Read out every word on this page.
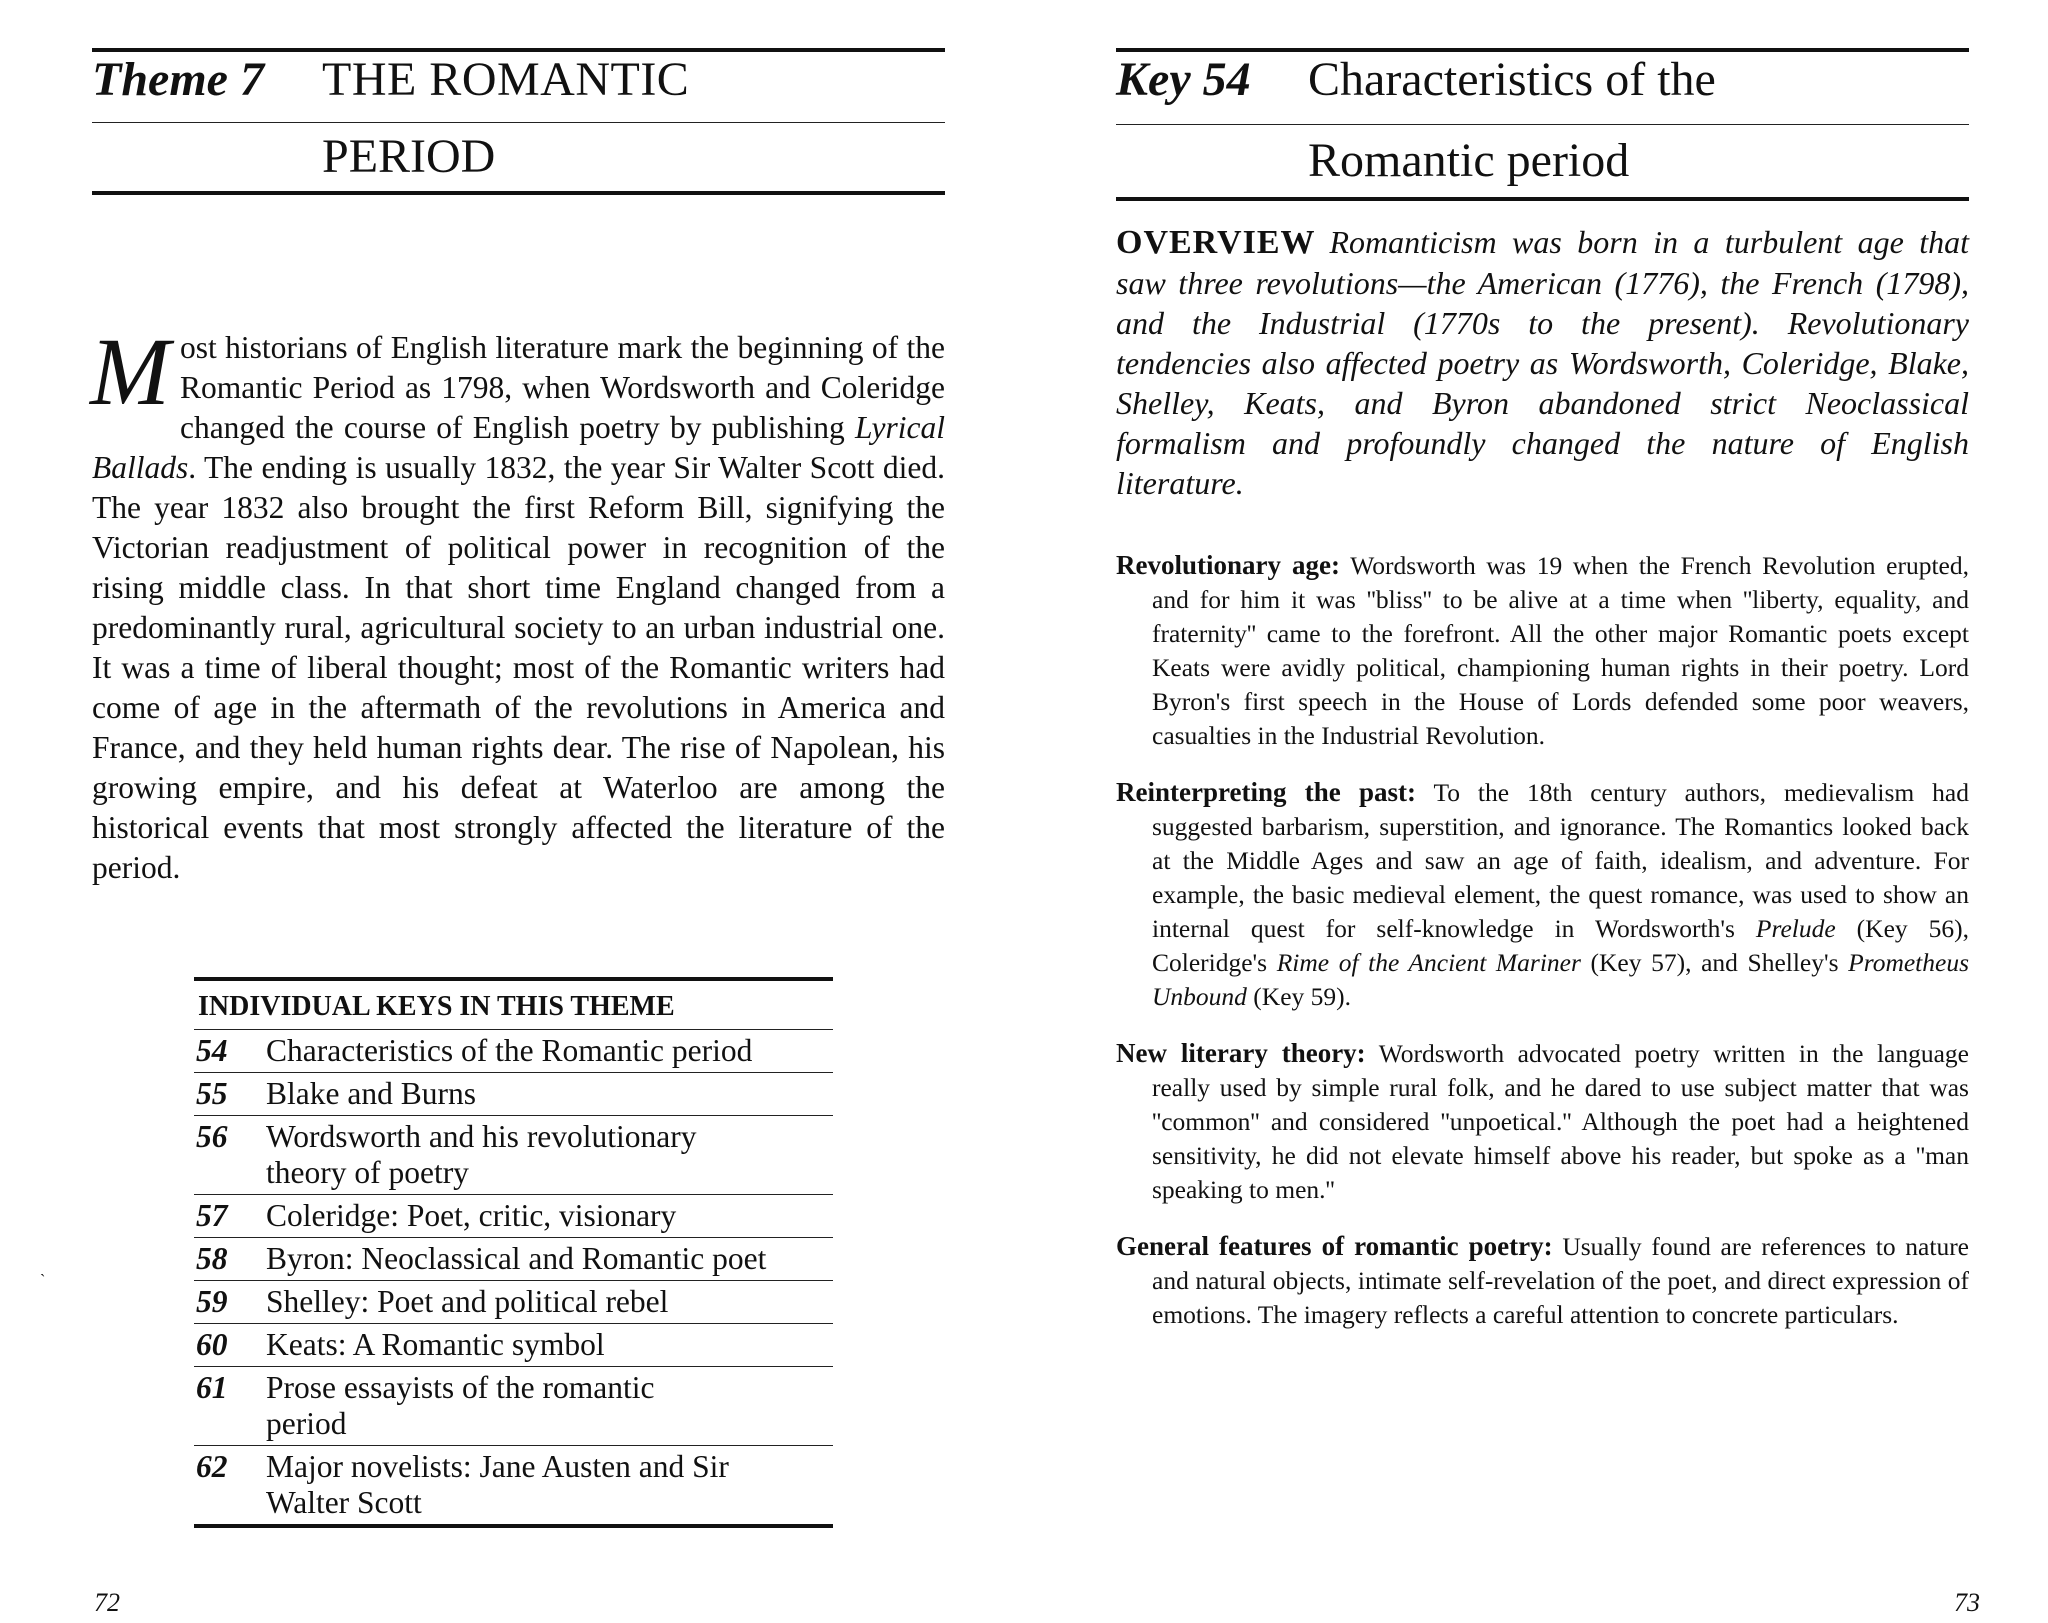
Theme 7	THE ROMANTIC
PERIOD
Most historians of English literature mark the beginning of the Romantic Period as 1798, when Wordsworth and Coleridge changed the course of English poetry by publishing Lyrical Ballads. The ending is usually 1832, the year Sir Walter Scott died. The year 1832 also brought the first Reform Bill, signifying the Victorian readjustment of political power in recognition of the rising middle class. In that short time England changed from a predominantly rural, agricultural society to an urban industrial one. It was a time of liberal thought; most of the Romantic writers had come of age in the aftermath of the revolutions in America and France, and they held human rights dear. The rise of Napolean, his growing empire, and his defeat at Waterloo are among the historical events that most strongly affected the literature of the period.
INDIVIDUAL KEYS IN THIS THEME
54	Characteristics of the Romantic period
55	Blake and Burns
56	Wordsworth and his revolutionary theory of poetry
57	Coleridge: Poet, critic, visionary
58	Byron: Neoclassical and Romantic poet
59	Shelley: Poet and political rebel
60	Keats: A Romantic symbol
61	Prose essayists of the romantic period
62	Major novelists: Jane Austen and Sir Walter Scott
`
72
Key 54	Characteristics of the
Romantic period
OVERVIEW Romanticism was born in a turbulent age that saw three revolutions—the American (1776), the French (1798), and the Industrial (1770s to the present). Revolutionary tendencies also affected poetry as Wordsworth, Coleridge, Blake, Shelley, Keats, and Byron abandoned strict Neoclassical formalism and profoundly changed the nature of English literature.
Revolutionary age: Wordsworth was 19 when the French Revolution erupted, and for him it was ''bliss'' to be alive at a time when ''liberty, equality, and fraternity'' came to the forefront. All the other major Romantic poets except Keats were avidly political, championing human rights in their poetry. Lord Byron's first speech in the House of Lords defended some poor weavers, casualties in the Industrial Revolution.
Reinterpreting the past: To the 18th century authors, medievalism had suggested barbarism, superstition, and ignorance. The Romantics looked back at the Middle Ages and saw an age of faith, idealism, and adventure. For example, the basic medieval element, the quest romance, was used to show an internal quest for self-knowledge in Wordsworth's Prelude (Key 56), Coleridge's Rime of the Ancient Mariner (Key 57), and Shelley's Prometheus Unbound (Key 59).
New literary theory: Wordsworth advocated poetry written in the language really used by simple rural folk, and he dared to use subject matter that was ''common'' and considered ''unpoetical.'' Although the poet had a heightened sensitivity, he did not elevate himself above his reader, but spoke as a ''man speaking to men.''
General features of romantic poetry: Usually found are references to nature and natural objects, intimate self-revelation of the poet, and direct expression of emotions. The imagery reflects a careful attention to concrete particulars.
73
